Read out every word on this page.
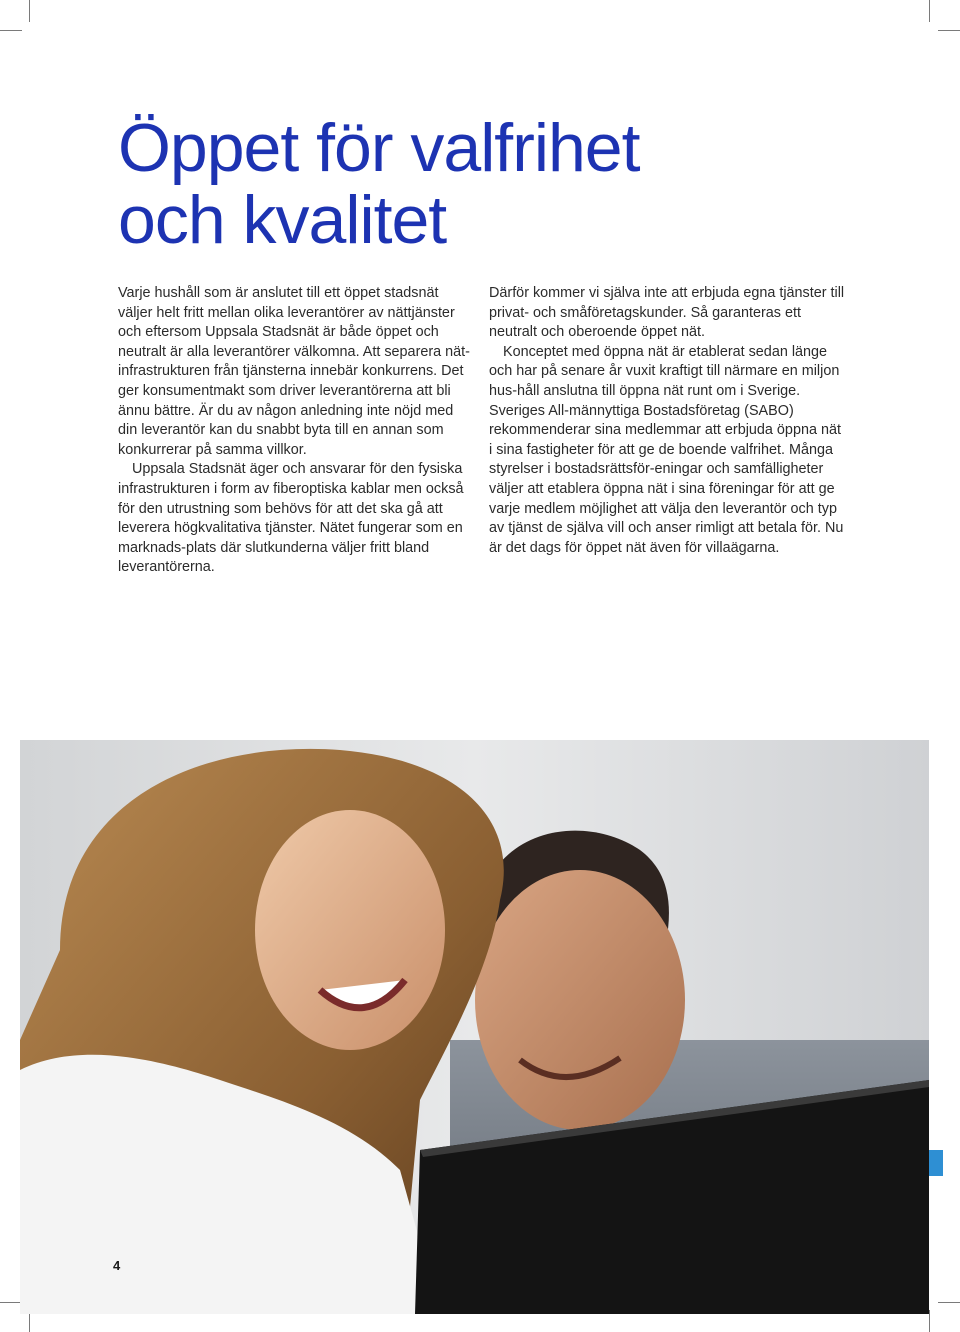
Öppet för valfrihet
och kvalitet

Varje hushåll som är anslutet till ett öppet stadsnät väljer helt fritt mellan olika leverantörer av nättjänster och eftersom Uppsala Stadsnät är både öppet och neutralt är alla leverantörer välkomna. Att separera nät-infrastrukturen från tjänsterna innebär konkurrens. Det ger konsumentmakt som driver leverantörerna att bli ännu bättre. Är du av någon anledning inte nöjd med din leverantör kan du snabbt byta till en annan som konkurrerar på samma villkor.

Uppsala Stadsnät äger och ansvarar för den fysiska infrastrukturen i form av fiberoptiska kablar men också för den utrustning som behövs för att det ska gå att leverera högkvalitativa tjänster. Nätet fungerar som en marknads-plats där slutkunderna väljer fritt bland leverantörerna.

Därför kommer vi själva inte att erbjuda egna tjänster till privat- och småföretagskunder. Så garanteras ett neutralt och oberoende öppet nät.

Konceptet med öppna nät är etablerat sedan länge och har på senare år vuxit kraftigt till närmare en miljon hus-håll anslutna till öppna nät runt om i Sverige. Sveriges All-männyttiga Bostadsföretag (SABO) rekommenderar sina medlemmar att erbjuda öppna nät i sina fastigheter för att ge de boende valfrihet. Många styrelser i bostadsrättsför-eningar och samfälligheter väljer att etablera öppna nät i sina föreningar för att ge varje medlem möjlighet att välja den leverantör och typ av tjänst de själva vill och anser rimligt att betala för. Nu är det dags för öppet nät även för villaägarna.

4
